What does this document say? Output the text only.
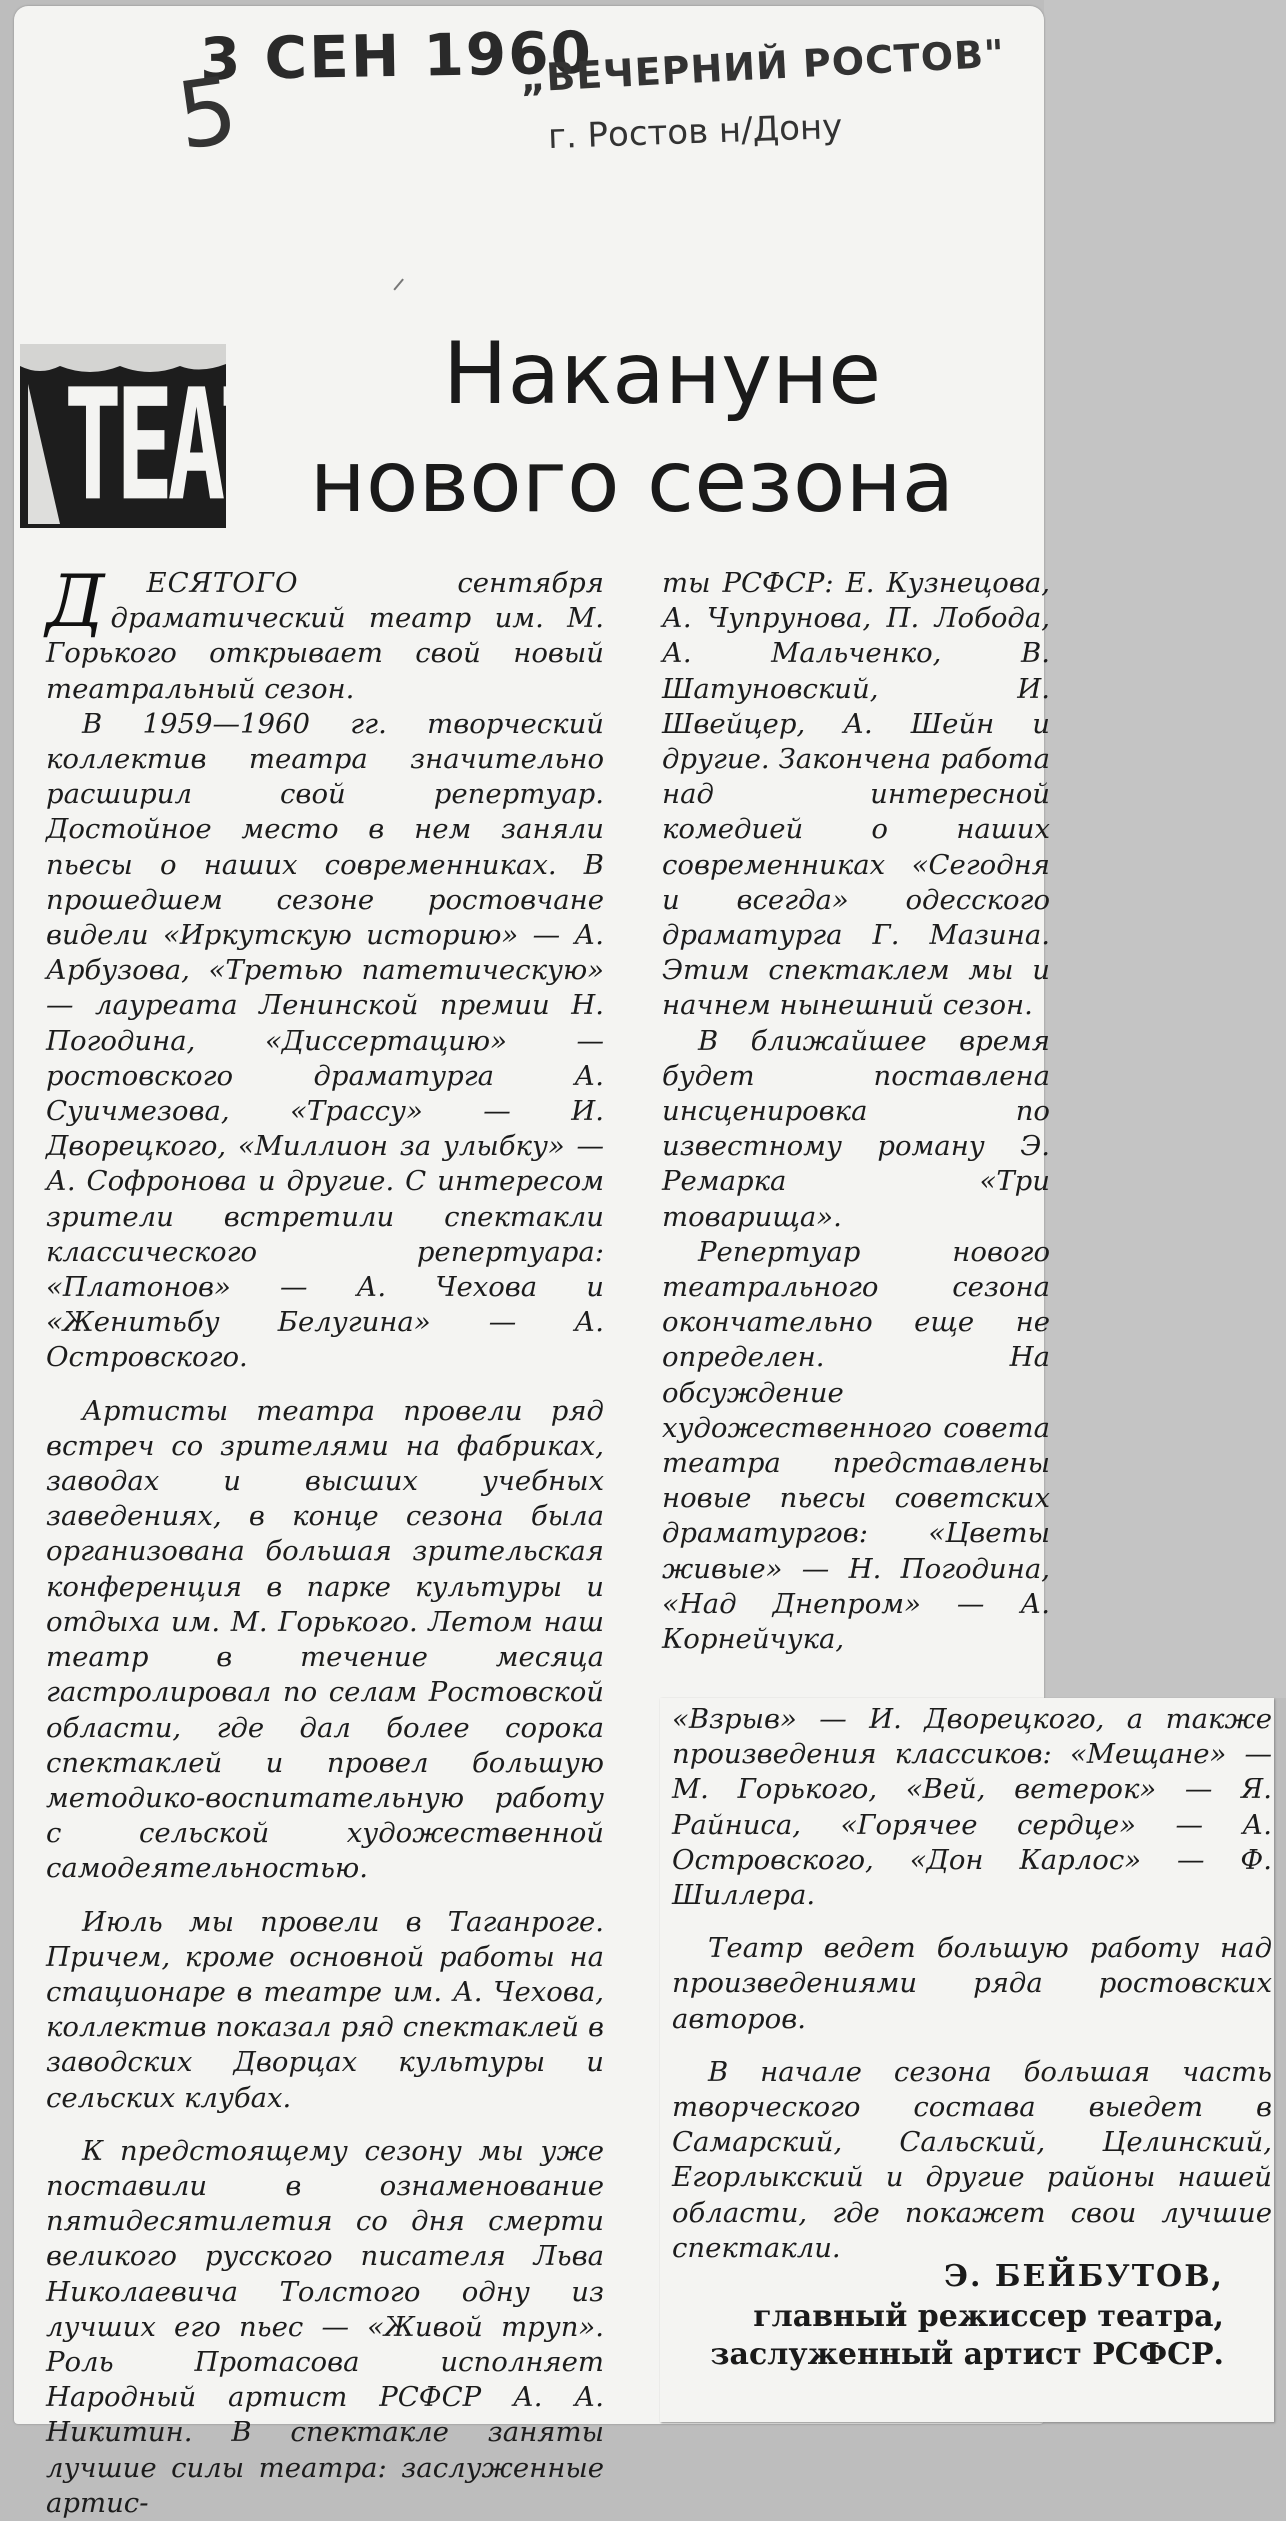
3 СЕН 1960
5	„ВЕЧЕРНИЙ РОСТОВ"
г. Ростов н/Дону
ТЕАТР	Накануне
нового сезона

Д ЕСЯТОГО сентября драматический театр им. М. Горького открывает свой новый театральный сезон.

В 1959—1960 гг. творческий коллектив театра значительно расширил свой репертуар. Достойное место в нем заняли пьесы о наших современниках. В прошедшем сезоне ростовчане видели «Иркутскую историю» — А. Арбузова, «Третью патетическую» — лауреата Ленинской премии Н. Погодина, «Диссертацию» — ростовского драматурга А. Суичмезова, «Трассу» — И. Дворецкого, «Миллион за улыбку» — А. Софронова и другие. С интересом зрители встретили спектакли классического репертуара: «Платонов» — А. Чехова и «Женитьбу Белугина» — А. Островского.

Артисты театра провели ряд встреч со зрителями на фабриках, заводах и высших учебных заведениях, в конце сезона была организована большая зрительская конференция в парке культуры и отдыха им. М. Горького. Летом наш театр в течение месяца гастролировал по селам Ростовской области, где дал более сорока спектаклей и провел большую методико-воспитательную работу с сельской художественной самодеятельностью.

Июль мы провели в Таганроге. Причем, кроме основной работы на стационаре в театре им. А. Чехова, коллектив показал ряд спектаклей в заводских Дворцах культуры и сельских клубах.

К предстоящему сезону мы уже поставили в ознаменование пятидесятилетия со дня смерти великого русского писателя Льва Николаевича Толстого одну из лучших его пьес — «Живой труп». Роль Протасова исполняет Народный артист РСФСР А. А. Никитин. В спектакле заняты лучшие силы театра: заслуженные артис-

ты РСФСР: Е. Кузнецова, А. Чупрунова, П. Лобода, А. Мальченко, В. Шатуновский, И. Швейцер, А. Шейн и другие. Закончена работа над интересной комедией о наших современниках «Сегодня и всегда» одесского драматурга Г. Мазина. Этим спектаклем мы и начнем нынешний сезон.

В ближайшее время будет поставлена инсценировка по известному роману Э. Ремарка «Три товарища».

Репертуар нового театрального сезона окончательно еще не определен. На обсуждение художественного совета театра представлены новые пьесы советских драматургов: «Цветы живые» — Н. Погодина, «Над Днепром» — А. Корнейчука,

«Взрыв» — И. Дворецкого, а также произведения классиков: «Мещане» — М. Горького, «Вей, ветерок» — Я. Райниса, «Горячее сердце» — А. Островского, «Дон Карлос» — Ф. Шиллера.

Театр ведет большую работу над произведениями ряда ростовских авторов.

В начале сезона большая часть творческого состава выедет в Самарский, Сальский, Целинский, Егорлыкский и другие районы нашей области, где покажет свои лучшие спектакли.

Э. БЕЙБУТОВ,
главный режиссер театра,
заслуженный артист РСФСР.
